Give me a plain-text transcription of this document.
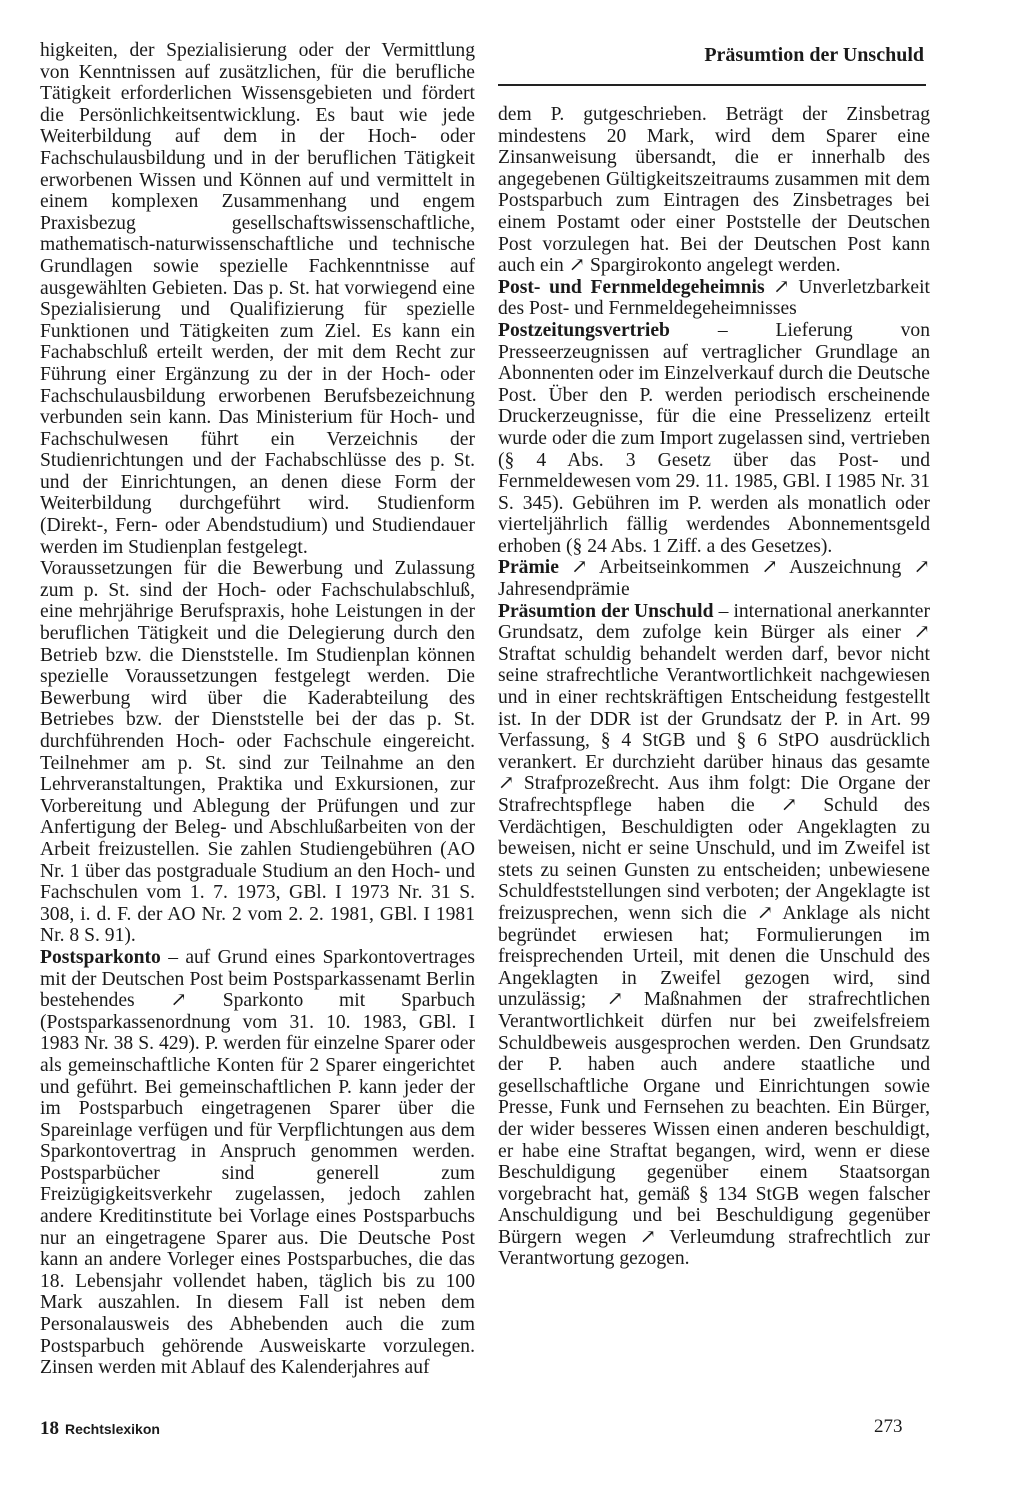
Präsumtion der Unschuld

higkeiten, der Spezialisierung oder der Vermittlung von Kenntnissen auf zusätzlichen, für die berufliche Tätigkeit erforderlichen Wissensgebieten und fördert die Persönlichkeitsentwicklung. Es baut wie jede Weiterbildung auf dem in der Hoch- oder Fachschulausbildung und in der beruflichen Tätigkeit erworbenen Wissen und Können auf und vermittelt in einem komplexen Zusammenhang und engem Praxisbezug gesellschaftswissenschaftliche, mathematisch-naturwissenschaftliche und technische Grundlagen sowie spezielle Fachkenntnisse auf ausgewählten Gebieten. Das p. St. hat vorwiegend eine Spezialisierung und Qualifizierung für spezielle Funktionen und Tätigkeiten zum Ziel. Es kann ein Fachabschluß erteilt werden, der mit dem Recht zur Führung einer Ergänzung zu der in der Hoch- oder Fachschulausbildung erworbenen Berufsbezeichnung verbunden sein kann. Das Ministerium für Hoch- und Fachschulwesen führt ein Verzeichnis der Studienrichtungen und der Fachabschlüsse des p. St. und der Einrichtungen, an denen diese Form der Weiterbildung durchgeführt wird. Studienform (Direkt-, Fern- oder Abendstudium) und Studiendauer werden im Studienplan festgelegt.

Voraussetzungen für die Bewerbung und Zulassung zum p. St. sind der Hoch- oder Fachschulabschluß, eine mehrjährige Berufspraxis, hohe Leistungen in der beruflichen Tätigkeit und die Delegierung durch den Betrieb bzw. die Dienststelle. Im Studienplan können spezielle Voraussetzungen festgelegt werden. Die Bewerbung wird über die Kaderabteilung des Betriebes bzw. der Dienststelle bei der das p. St. durchführenden Hoch- oder Fachschule eingereicht. Teilnehmer am p. St. sind zur Teilnahme an den Lehrveranstaltungen, Praktika und Exkursionen, zur Vorbereitung und Ablegung der Prüfungen und zur Anfertigung der Beleg- und Abschlußarbeiten von der Arbeit freizustellen. Sie zahlen Studiengebühren (AO Nr. 1 über das postgraduale Studium an den Hoch- und Fachschulen vom 1. 7. 1973, GBl. I 1973 Nr. 31 S. 308, i. d. F. der AO Nr. 2 vom 2. 2. 1981, GBl. I 1981 Nr. 8 S. 91).

Postsparkonto – auf Grund eines Sparkontovertrages mit der Deutschen Post beim Postsparkassenamt Berlin bestehendes ↗ Sparkonto mit Sparbuch (Postsparkassenordnung vom 31. 10. 1983, GBl. I 1983 Nr. 38 S. 429). P. werden für einzelne Sparer oder als gemeinschaftliche Konten für 2 Sparer eingerichtet und geführt. Bei gemeinschaftlichen P. kann jeder der im Postsparbuch eingetragenen Sparer über die Spareinlage verfügen und für Verpflichtungen aus dem Sparkontovertrag in Anspruch genommen werden. Postsparbücher sind generell zum Freizügigkeitsverkehr zugelassen, jedoch zahlen andere Kreditinstitute bei Vorlage eines Postsparbuchs nur an eingetragene Sparer aus. Die Deutsche Post kann an andere Vorleger eines Postsparbuches, die das 18. Lebensjahr vollendet haben, täglich bis zu 100 Mark auszahlen. In diesem Fall ist neben dem Personalausweis des Abhebenden auch die zum Postsparbuch gehörende Ausweiskarte vorzulegen. Zinsen werden mit Ablauf des Kalenderjahres auf

dem P. gutgeschrieben. Beträgt der Zinsbetrag mindestens 20 Mark, wird dem Sparer eine Zinsanweisung übersandt, die er innerhalb des angegebenen Gültigkeitszeitraums zusammen mit dem Postsparbuch zum Eintragen des Zinsbetrages bei einem Postamt oder einer Poststelle der Deutschen Post vorzulegen hat. Bei der Deutschen Post kann auch ein ↗ Spargirokonto angelegt werden.

Post- und Fernmeldegeheimnis ↗ Unverletzbarkeit des Post- und Fernmeldegeheimnisses

Postzeitungsvertrieb – Lieferung von Presseerzeugnissen auf vertraglicher Grundlage an Abonnenten oder im Einzelverkauf durch die Deutsche Post. Über den P. werden periodisch erscheinende Druckerzeugnisse, für die eine Presselizenz erteilt wurde oder die zum Import zugelassen sind, vertrieben (§ 4 Abs. 3 Gesetz über das Post- und Fernmeldewesen vom 29. 11. 1985, GBl. I 1985 Nr. 31 S. 345). Gebühren im P. werden als monatlich oder vierteljährlich fällig werdendes Abonnementsgeld erhoben (§ 24 Abs. 1 Ziff. a des Gesetzes).

Prämie ↗ Arbeitseinkommen ↗ Auszeichnung ↗ Jahresendprämie

Präsumtion der Unschuld – international anerkannter Grundsatz, dem zufolge kein Bürger als einer ↗ Straftat schuldig behandelt werden darf, bevor nicht seine strafrechtliche Verantwortlichkeit nachgewiesen und in einer rechtskräftigen Entscheidung festgestellt ist. In der DDR ist der Grundsatz der P. in Art. 99 Verfassung, § 4 StGB und § 6 StPO ausdrücklich verankert. Er durchzieht darüber hinaus das gesamte ↗ Strafprozeßrecht. Aus ihm folgt: Die Organe der Strafrechtspflege haben die ↗ Schuld des Verdächtigen, Beschuldigten oder Angeklagten zu beweisen, nicht er seine Unschuld, und im Zweifel ist stets zu seinen Gunsten zu entscheiden; unbewiesene Schuldfeststellungen sind verboten; der Angeklagte ist freizusprechen, wenn sich die ↗ Anklage als nicht begründet erwiesen hat; Formulierungen im freisprechenden Urteil, mit denen die Unschuld des Angeklagten in Zweifel gezogen wird, sind unzulässig; ↗ Maßnahmen der strafrechtlichen Verantwortlichkeit dürfen nur bei zweifelsfreiem Schuldbeweis ausgesprochen werden. Den Grundsatz der P. haben auch andere staatliche und gesellschaftliche Organe und Einrichtungen sowie Presse, Funk und Fernsehen zu beachten. Ein Bürger, der wider besseres Wissen einen anderen beschuldigt, er habe eine Straftat begangen, wird, wenn er diese Beschuldigung gegenüber einem Staatsorgan vorgebracht hat, gemäß § 134 StGB wegen falscher Anschuldigung und bei Beschuldigung gegenüber Bürgern wegen ↗ Verleumdung strafrechtlich zur Verantwortung gezogen.

18 Rechtslexikon	273
